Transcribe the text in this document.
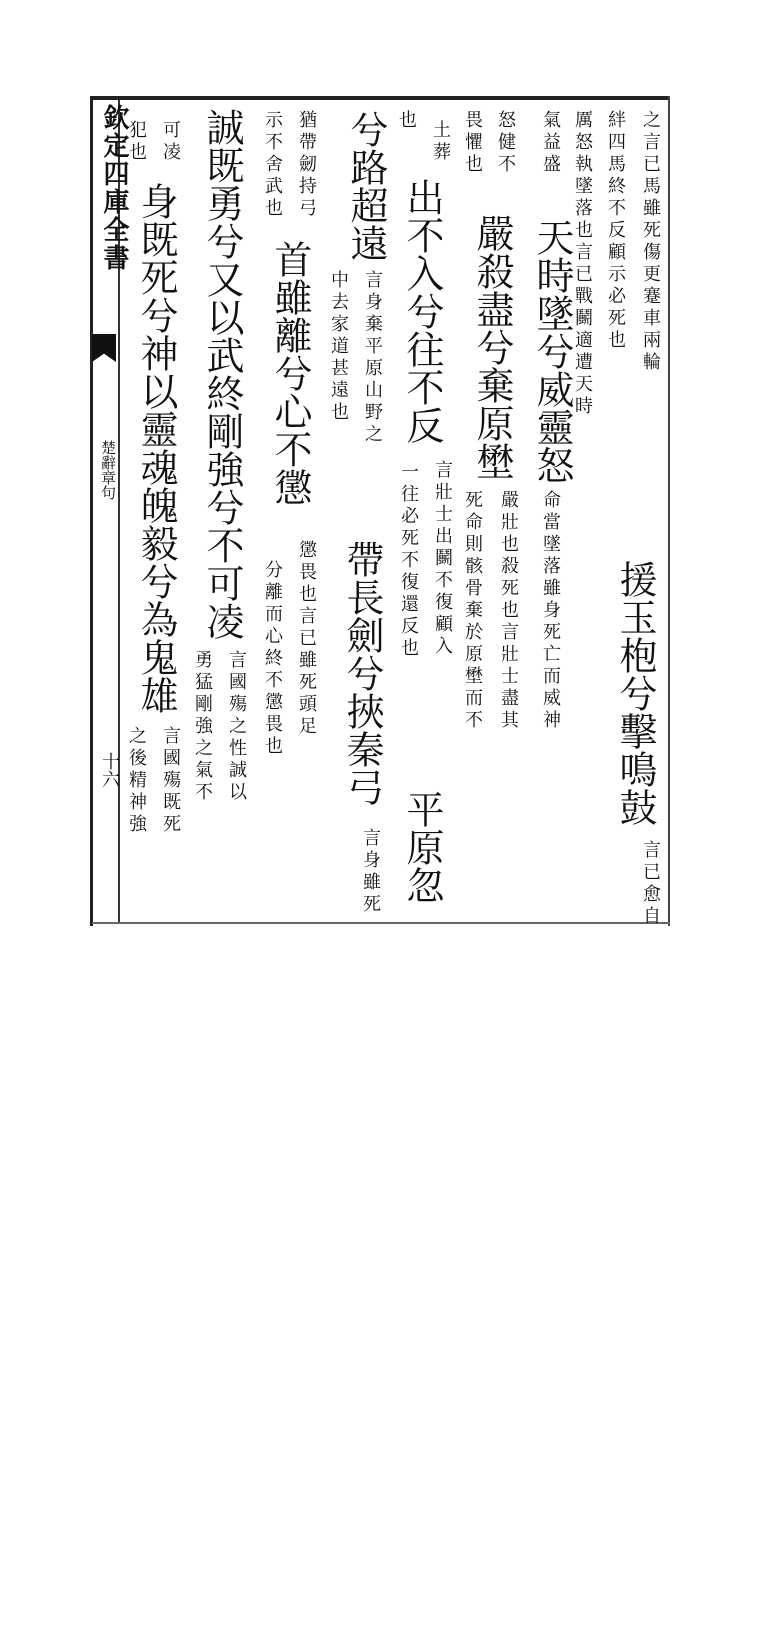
欽定四庫全書
楚辭章句
十六
之言已馬雖死傷更蹇車兩輪
援玉枹兮擊鳴鼓
言已愈自
絆四馬終不反顧示必死也
厲怒執墜落也言已戰鬭適遭天時
氣益盛
命當墜落雖身死亡而威神
天時墜兮威靈怒
怒健不
嚴壯也殺死也言壯士盡其
畏懼也
死命則骸骨棄於原壄而不
嚴殺盡兮棄原壄
土葬
出不入兮往不反
言壯士出鬭不復顧入
也
一往必死不復還反也
兮路超遠
平原忽
言身棄平原山野之
中去家道甚遠也
帶長劍兮挾秦弓
言身雖死
猶帶劒持弓
示不舍武也
首雖離兮心不懲
懲畏也言已雖死頭足
分離而心終不懲畏也
誠既勇兮又以武終剛強兮不可凌
言國殤之性誠以
勇猛剛強之氣不
可凌
犯也
身既死兮神以靈魂魄毅兮為鬼雄
言國殤既死
之後精神強
